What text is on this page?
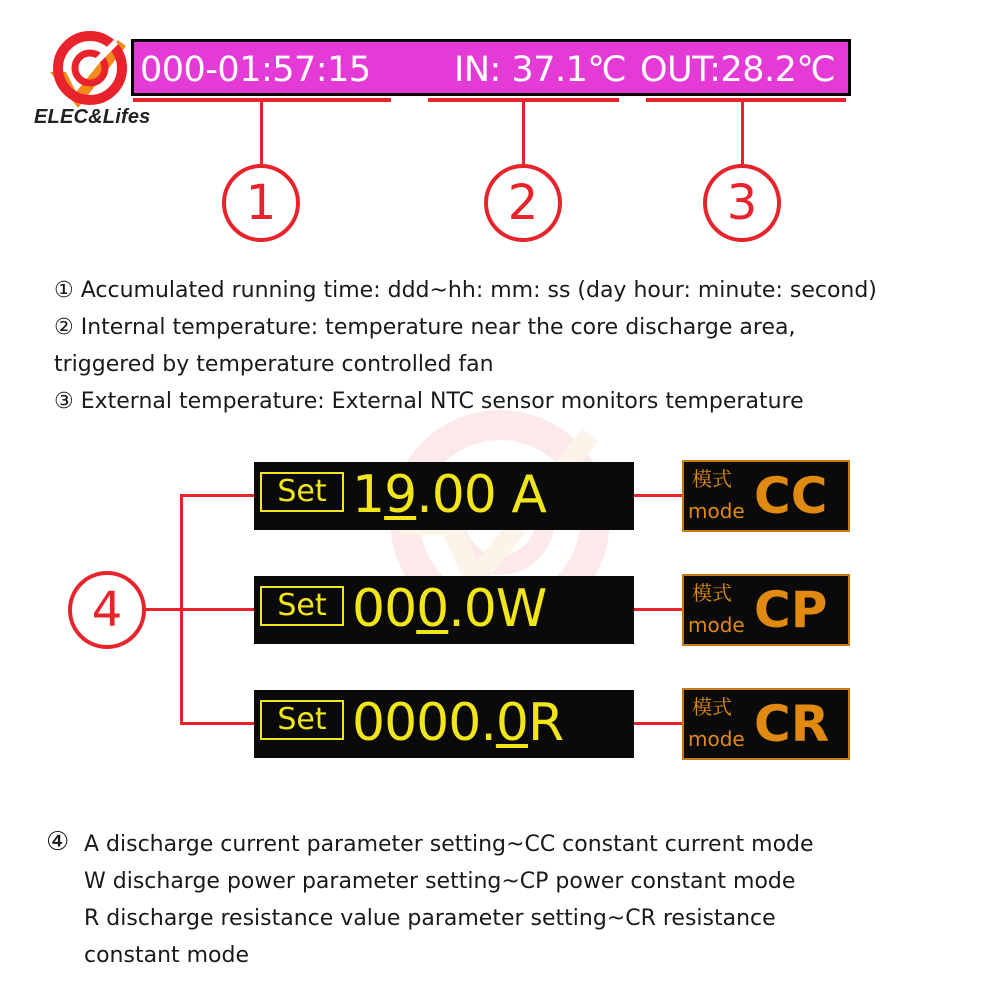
ELEC&Lifes
000-01:57:15 IN: 37.1℃ OUT:28.2℃
1	2	3
① Accumulated running time: ddd~hh: mm: ss (day hour: minute: second)
② Internal temperature: temperature near the core discharge area,
triggered by temperature controlled fan
③ External temperature: External NTC sensor monitors temperature
4
Set 19.00 A	模式
mode CC
Set 000.0W	模式
mode CP
Set 0000.0R	模式
mode CR
④ A discharge current parameter setting~CC constant current mode
W discharge power parameter setting~CP power constant mode
R discharge resistance value parameter setting~CR resistance
constant mode
